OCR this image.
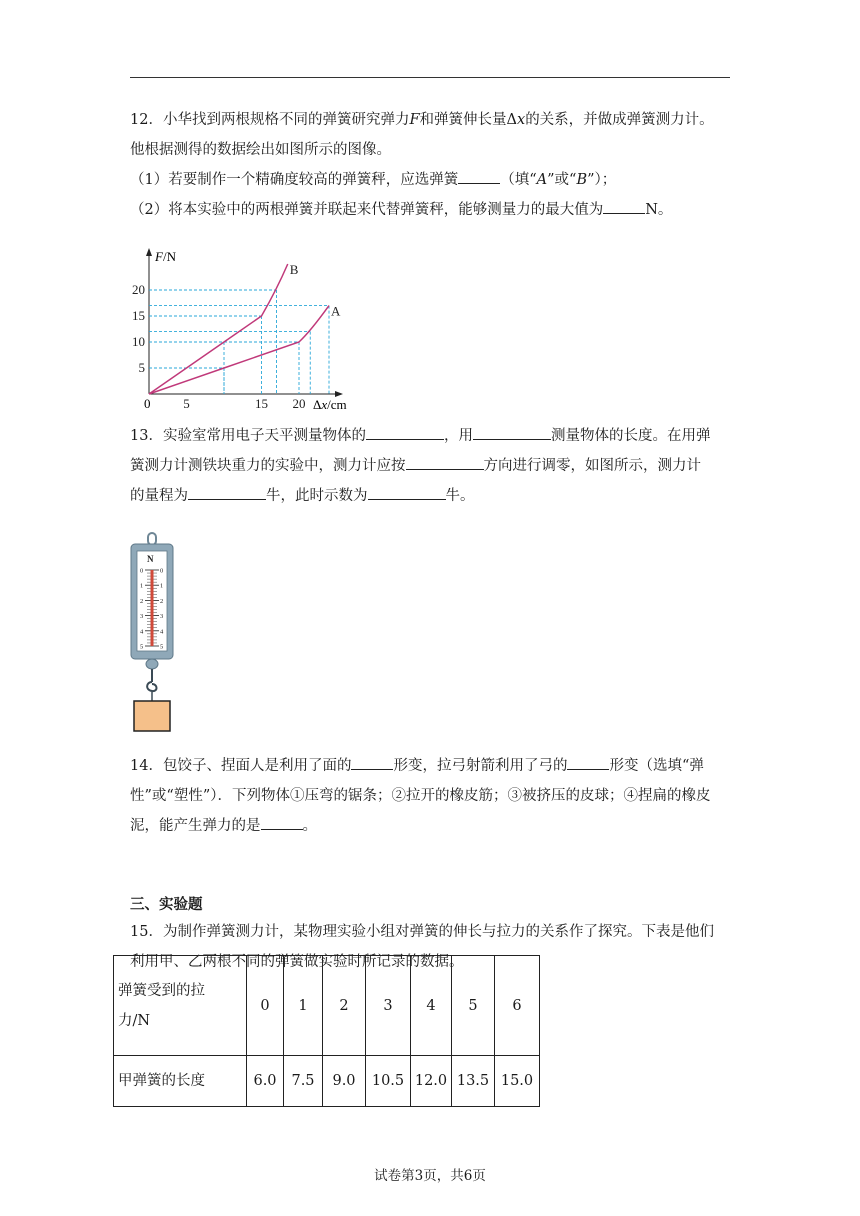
12．小华找到两根规格不同的弹簧研究弹力F和弹簧伸长量Δx的关系，并做成弹簧测力计。
他根据测得的数据绘出如图所示的图像。
（1）若要制作一个精确度较高的弹簧秤，应选弹簧	（填“A”或“B”）；
（2）将本实验中的两根弹簧并联起来代替弹簧秤，能够测量力的最大值为	N。
F/N
Δx/cm
0
B
A
5	15 20
5
10
15
20
13．实验室常用电子天平测量物体的	，用	测量物体的长度。在用弹
簧测力计测铁块重力的实验中，测力计应按	方向进行调零，如图所示，测力计
的量程为	牛，此时示数为	牛。
N
0	0
1	1
2	2
3	3
4	4
5	5
14．包饺子、捏面人是利用了面的	形变，拉弓射箭利用了弓的	形变（选填“弹
性”或“塑性”）．下列物体①压弯的锯条；②拉开的橡皮筋；③被挤压的皮球；④捏扁的橡皮
泥，能产生弹力的是	。
三、实验题
15．为制作弹簧测力计，某物理实验小组对弹簧的伸长与拉力的关系作了探究。下表是他们
利用甲、乙两根不同的弹簧做实验时所记录的数据。
弹簧受到的拉
力/N	0	1	2	3	4	5	6
甲弹簧的长度	6.0	7.5	9.0	10.5	12.0	13.5	15.0
试卷第3页，共6页
